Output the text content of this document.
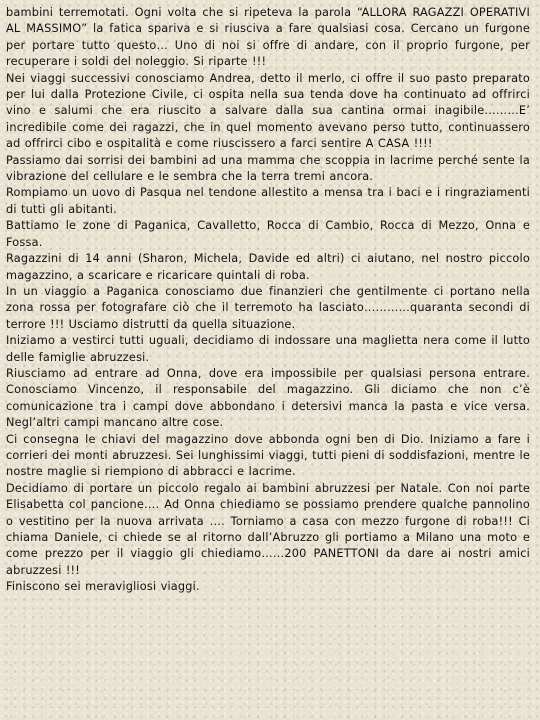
bambini terremotati. Ogni volta che si ripeteva la parola “ALLORA RAGAZZI OPERATIVI AL MASSIMO” la fatica spariva e si riusciva a fare qualsiasi cosa. Cercano un furgone per portare tutto questo… Uno di noi si offre di andare, con il proprio furgone, per recuperare i soldi del noleggio. Si riparte !!!

Nei viaggi successivi conosciamo Andrea, detto il merlo, ci offre il suo pasto preparato per lui dalla Protezione Civile, ci ospita nella sua tenda dove ha continuato ad offrirci vino e salumi che era riuscito a salvare dalla sua cantina ormai inagibile………E’ incredibile come dei ragazzi, che in quel momento avevano perso tutto, continuassero ad offrirci cibo e ospitalità e come riuscissero a farci sentire A CASA !!!!

Passiamo dai sorrisi dei bambini ad una mamma che scoppia in lacrime perché sente la vibrazione del cellulare e le sembra che la terra tremi ancora.

Rompiamo un uovo di Pasqua nel tendone allestito a mensa tra i baci e i ringraziamenti di tutti gli abitanti.

Battiamo le zone di Paganica, Cavalletto, Rocca di Cambio, Rocca di Mezzo, Onna e Fossa.

Ragazzini di 14 anni (Sharon, Michela, Davide ed altri) ci aiutano, nel nostro piccolo magazzino, a scaricare e ricaricare quintali di roba.

In un viaggio a Paganica conosciamo due finanzieri che gentilmente ci portano nella zona rossa per fotografare ciò che il terremoto ha lasciato…………quaranta secondi di terrore !!! Usciamo distrutti da quella situazione.

Iniziamo a vestirci tutti uguali, decidiamo di indossare una maglietta nera come il lutto delle famiglie abruzzesi.

Riusciamo ad entrare ad Onna, dove era impossibile per qualsiasi persona entrare. Conosciamo Vincenzo, il responsabile del magazzino. Gli diciamo che non c’è comunicazione tra i campi dove abbondano i detersivi manca la pasta e vice versa. Negl’altri campi mancano altre cose.

Ci consegna le chiavi del magazzino dove abbonda ogni ben di Dio. Iniziamo a fare i corrieri dei monti abruzzesi. Sei lunghissimi viaggi, tutti pieni di soddisfazioni, mentre le nostre maglie si riempiono di abbracci e lacrime.

Decidiamo di portare un piccolo regalo ai bambini abruzzesi per Natale. Con noi parte Elisabetta col pancione…. Ad Onna chiediamo se possiamo prendere qualche pannolino o vestitino per la nuova arrivata …. Torniamo a casa con mezzo furgone di roba!!! Ci chiama Daniele, ci chiede se al ritorno dall’Abruzzo gli portiamo a Milano una moto e come prezzo per il viaggio gli chiediamo……200 PANETTONI da dare ai nostri amici abruzzesi !!!

Finiscono sei meravigliosi viaggi.
